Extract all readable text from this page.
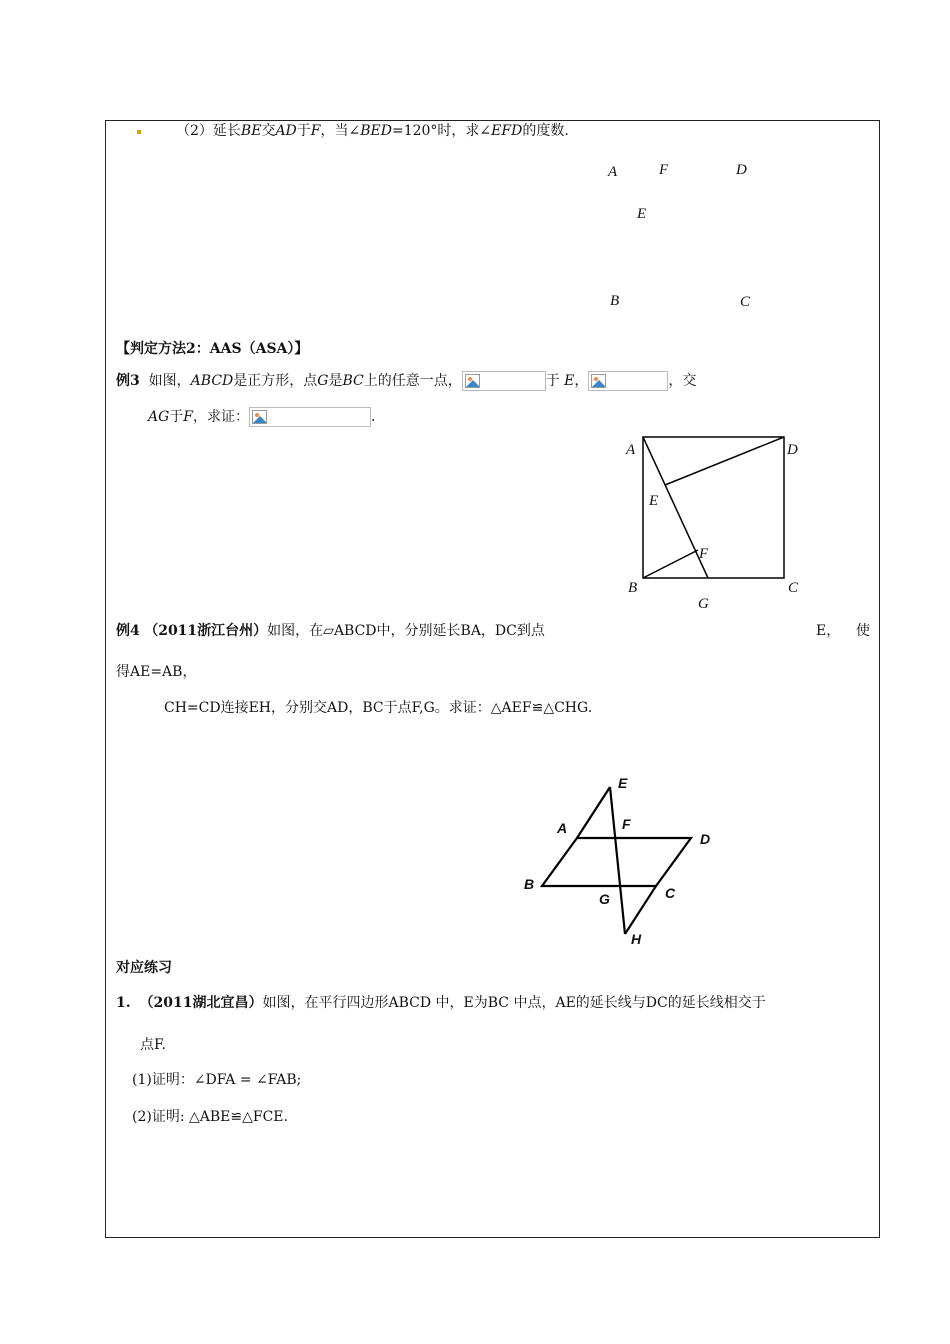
（2）延长BE交AD于F，当∠BED=120°时，求∠EFD的度数.
A	F	D
E
B	C
【判定方法2：AAS（ASA）】
例3 如图，ABCD是正方形，点G是BC上的任意一点，	于 E，	，交
AG于F，求证：	.
A	D
E
F
B	C
G
例4 （2011浙江台州）如图，在▱ABCD中，分别延长BA，DC到点	E， 使
得AE=AB，
CH=CD连接EH，分别交AD，BC于点F,G。求证：△AEF≌△CHG.
E
A	F
D
B
G	C
H
对应练习
1. （2011湖北宜昌）如图，在平行四边形ABCD 中，E为BC 中点，AE的延长线与DC的延长线相交于
点F.
(1)证明：∠DFA = ∠FAB;
(2)证明: △ABE≌△FCE.
